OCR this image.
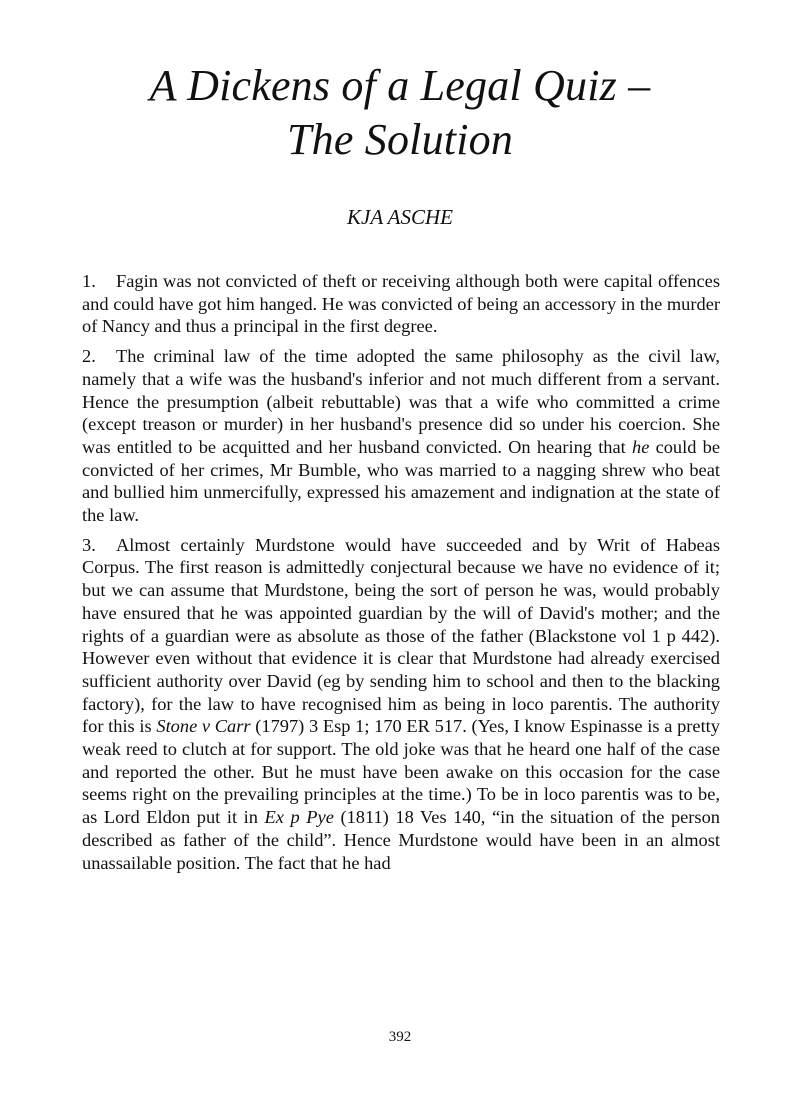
A Dickens of a Legal Quiz –
The Solution

KJA ASCHE

1. Fagin was not convicted of theft or receiving although both were capital offences and could have got him hanged. He was convicted of being an accessory in the murder of Nancy and thus a principal in the first degree.

2. The criminal law of the time adopted the same philosophy as the civil law, namely that a wife was the husband's inferior and not much different from a servant. Hence the presumption (albeit rebuttable) was that a wife who committed a crime (except treason or murder) in her husband's presence did so under his coercion. She was entitled to be acquitted and her husband convicted. On hearing that he could be convicted of her crimes, Mr Bumble, who was married to a nagging shrew who beat and bullied him unmercifully, expressed his amazement and indignation at the state of the law.

3. Almost certainly Murdstone would have succeeded and by Writ of Habeas Corpus. The first reason is admittedly conjectural because we have no evidence of it; but we can assume that Murdstone, being the sort of person he was, would probably have ensured that he was appointed guardian by the will of David's mother; and the rights of a guardian were as absolute as those of the father (Blackstone vol 1 p 442). However even without that evidence it is clear that Murdstone had already exercised sufficient authority over David (eg by sending him to school and then to the blacking factory), for the law to have recognised him as being in loco parentis. The authority for this is Stone v Carr (1797) 3 Esp 1; 170 ER 517. (Yes, I know Espinasse is a pretty weak reed to clutch at for support. The old joke was that he heard one half of the case and reported the other. But he must have been awake on this occasion for the case seems right on the prevailing principles at the time.) To be in loco parentis was to be, as Lord Eldon put it in Ex p Pye (1811) 18 Ves 140, “in the situation of the person described as father of the child”. Hence Murdstone would have been in an almost unassailable position. The fact that he had

392
